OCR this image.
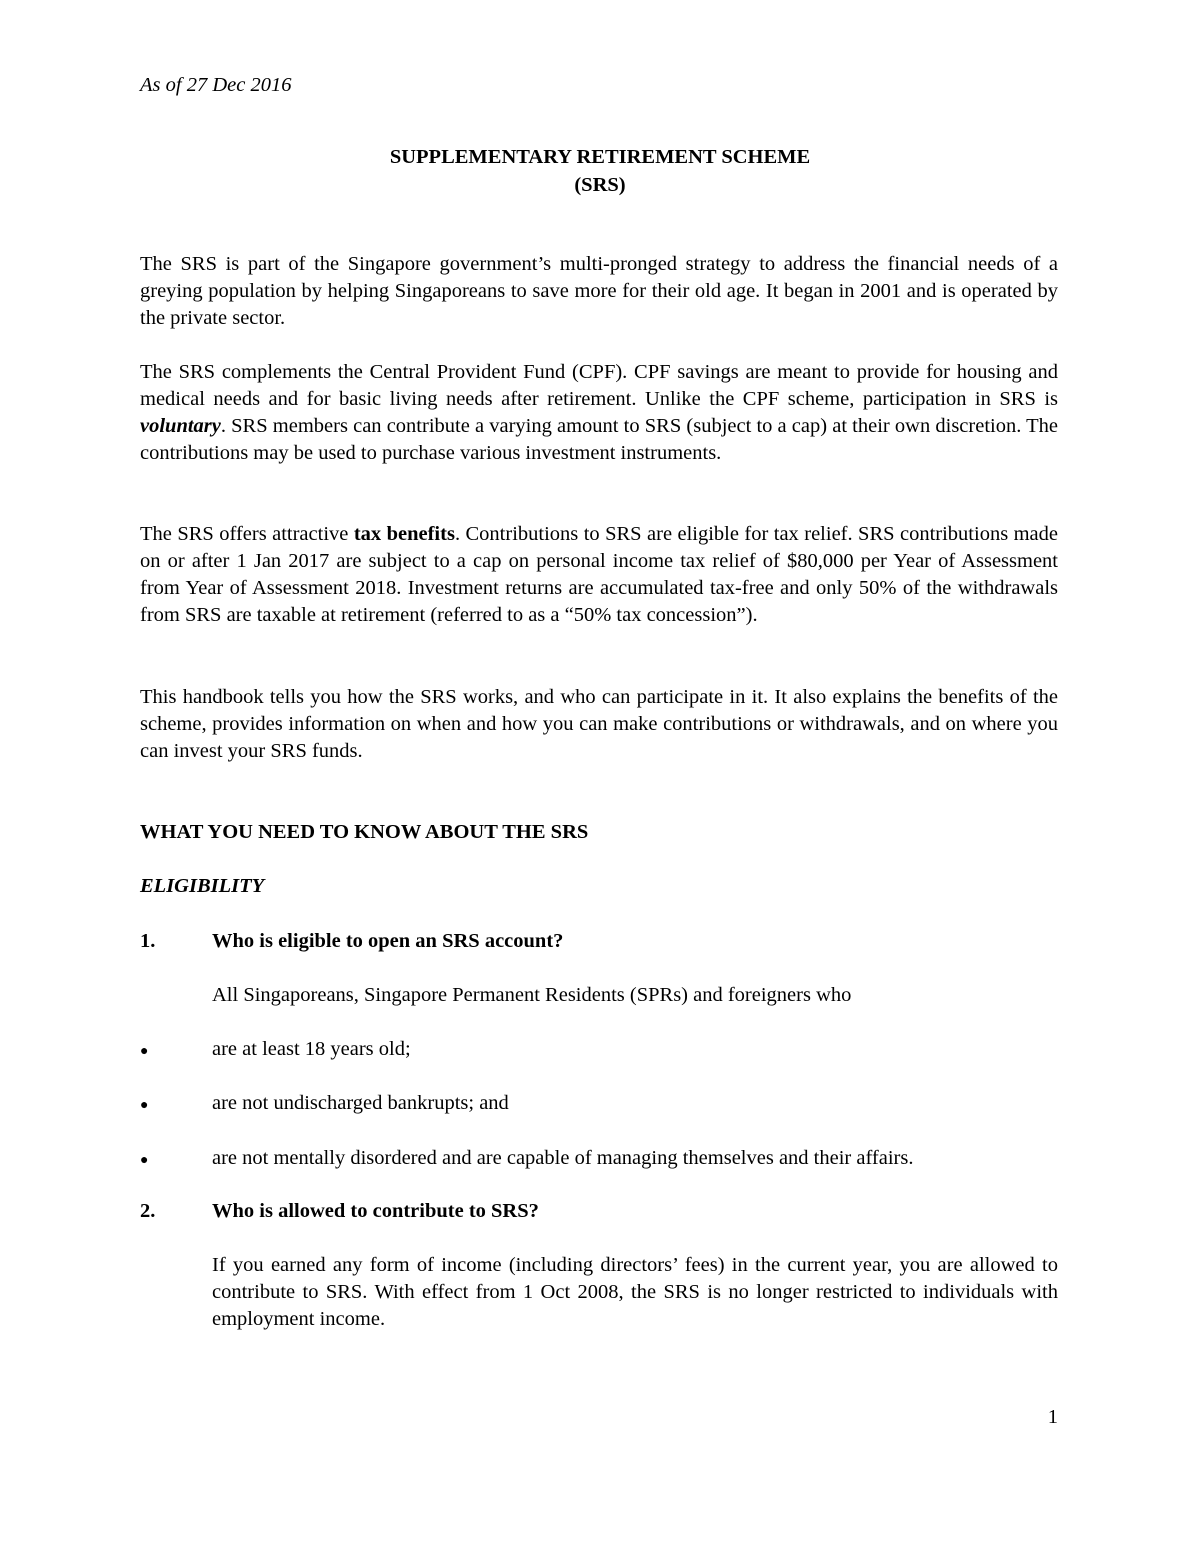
As of 27 Dec 2016
SUPPLEMENTARY RETIREMENT SCHEME
(SRS)
The SRS is part of the Singapore government’s multi-pronged strategy to address the financial needs of a greying population by helping Singaporeans to save more for their old age. It began in 2001 and is operated by the private sector.
The SRS complements the Central Provident Fund (CPF). CPF savings are meant to provide for housing and medical needs and for basic living needs after retirement. Unlike the CPF scheme, participation in SRS is voluntary. SRS members can contribute a varying amount to SRS (subject to a cap) at their own discretion. The contributions may be used to purchase various investment instruments.
The SRS offers attractive tax benefits. Contributions to SRS are eligible for tax relief. SRS contributions made on or after 1 Jan 2017 are subject to a cap on personal income tax relief of $80,000 per Year of Assessment from Year of Assessment 2018. Investment returns are accumulated tax-free and only 50% of the withdrawals from SRS are taxable at retirement (referred to as a “50% tax concession”).
This handbook tells you how the SRS works, and who can participate in it. It also explains the benefits of the scheme, provides information on when and how you can make contributions or withdrawals, and on where you can invest your SRS funds.
WHAT YOU NEED TO KNOW ABOUT THE SRS
ELIGIBILITY
1.	Who is eligible to open an SRS account?
All Singaporeans, Singapore Permanent Residents (SPRs) and foreigners who
●	are at least 18 years old;
●	are not undischarged bankrupts; and
●	are not mentally disordered and are capable of managing themselves and their affairs.
2.	Who is allowed to contribute to SRS?
If you earned any form of income (including directors’ fees) in the current year, you are allowed to contribute to SRS. With effect from 1 Oct 2008, the SRS is no longer restricted to individuals with employment income.
1
